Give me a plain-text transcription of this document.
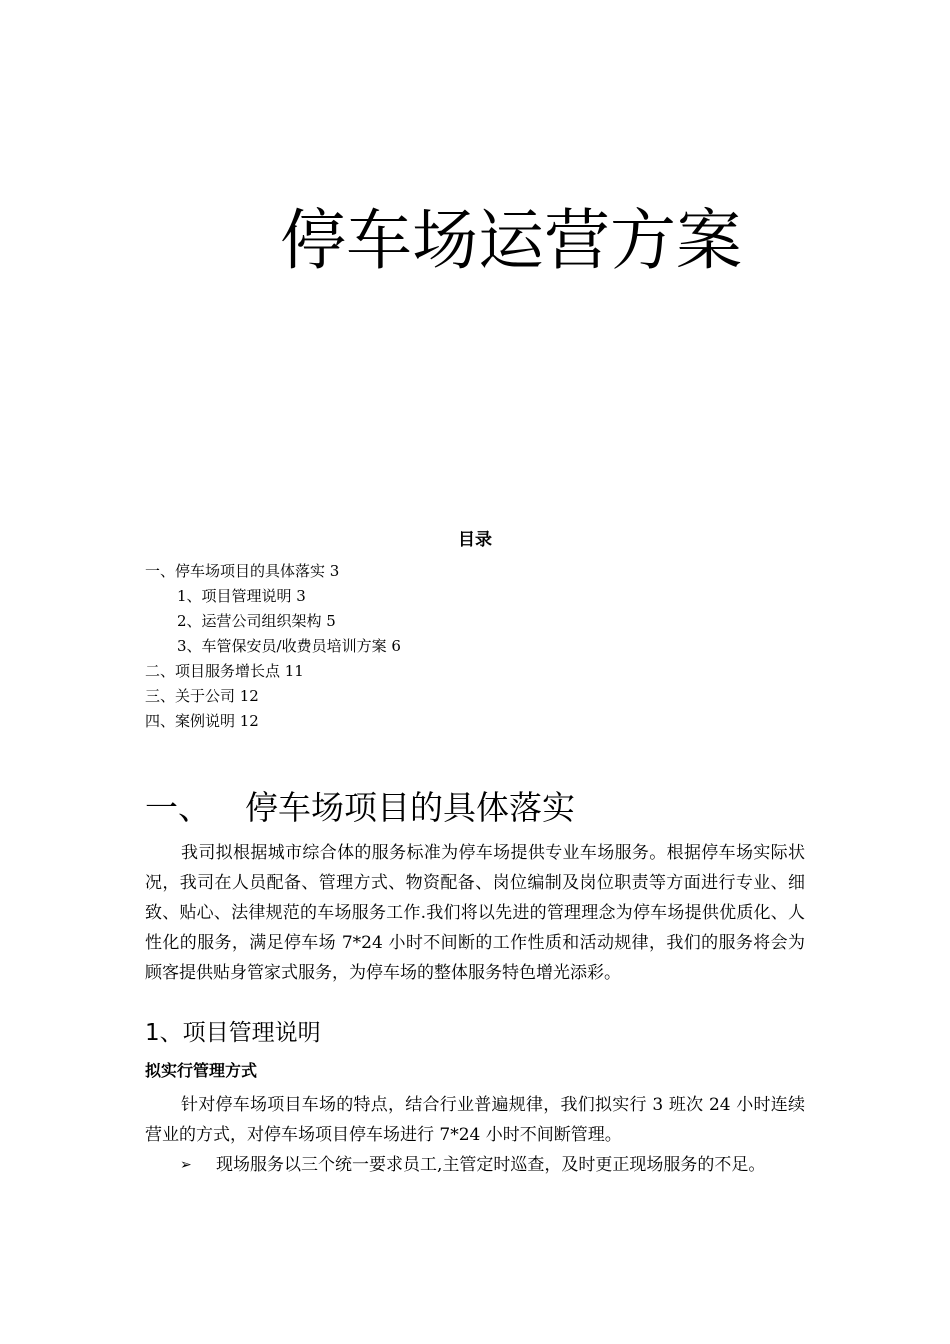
停车场运营方案
目录
一、停车场项目的具体落实 3
1、项目管理说明 3
2、运营公司组织架构 5
3、车管保安员/收费员培训方案 6
二、项目服务增长点 11
三、关于公司 12
四、案例说明 12
一、 停车场项目的具体落实

我司拟根据城市综合体的服务标准为停车场提供专业车场服务。根据停车场实际状况，我司在人员配备、管理方式、物资配备、岗位编制及岗位职责等方面进行专业、细致、贴心、法律规范的车场服务工作.我们将以先进的管理理念为停车场提供优质化、人性化的服务，满足停车场 7*24 小时不间断的工作性质和活动规律，我们的服务将会为顾客提供贴身管家式服务，为停车场的整体服务特色增光添彩。

1、项目管理说明
拟实行管理方式

针对停车场项目车场的特点，结合行业普遍规律，我们拟实行 3 班次 24 小时连续营业的方式，对停车场项目停车场进行 7*24 小时不间断管理。

➢	现场服务以三个统一要求员工,主管定时巡查，及时更正现场服务的不足。
